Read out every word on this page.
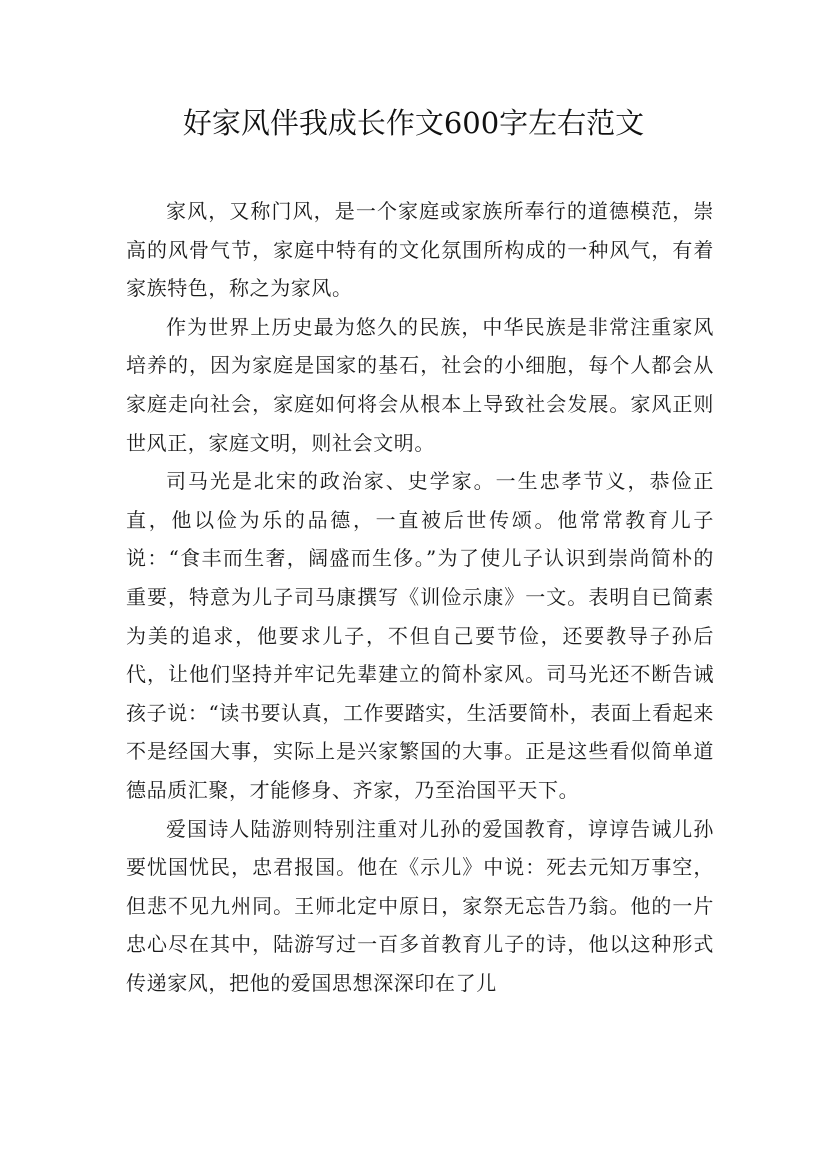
好家风伴我成长作文600字左右范文

家风，又称门风，是一个家庭或家族所奉行的道德模范，崇高的风骨气节，家庭中特有的文化氛围所构成的一种风气，有着家族特色，称之为家风。

作为世界上历史最为悠久的民族，中华民族是非常注重家风培养的，因为家庭是国家的基石，社会的小细胞，每个人都会从家庭走向社会，家庭如何将会从根本上导致社会发展。家风正则世风正，家庭文明，则社会文明。

司马光是北宋的政治家、史学家。一生忠孝节义，恭俭正直，他以俭为乐的品德，一直被后世传颂。他常常教育儿子说：“食丰而生奢，阔盛而生侈。”为了使儿子认识到崇尚简朴的重要，特意为儿子司马康撰写《训俭示康》一文。表明自已简素为美的追求，他要求儿子，不但自己要节俭，还要教导子孙后代，让他们坚持并牢记先辈建立的简朴家风。司马光还不断告诫孩子说：“读书要认真，工作要踏实，生活要简朴，表面上看起来不是经国大事，实际上是兴家繁国的大事。正是这些看似简单道德品质汇聚，才能修身、齐家，乃至治国平天下。

爱国诗人陆游则特别注重对儿孙的爱国教育，谆谆告诫儿孙要忧国忧民，忠君报国。他在《示儿》中说：死去元知万事空，但悲不见九州同。王师北定中原日，家祭无忘告乃翁。他的一片忠心尽在其中，陆游写过一百多首教育儿子的诗，他以这种形式传递家风，把他的爱国思想深深印在了儿
